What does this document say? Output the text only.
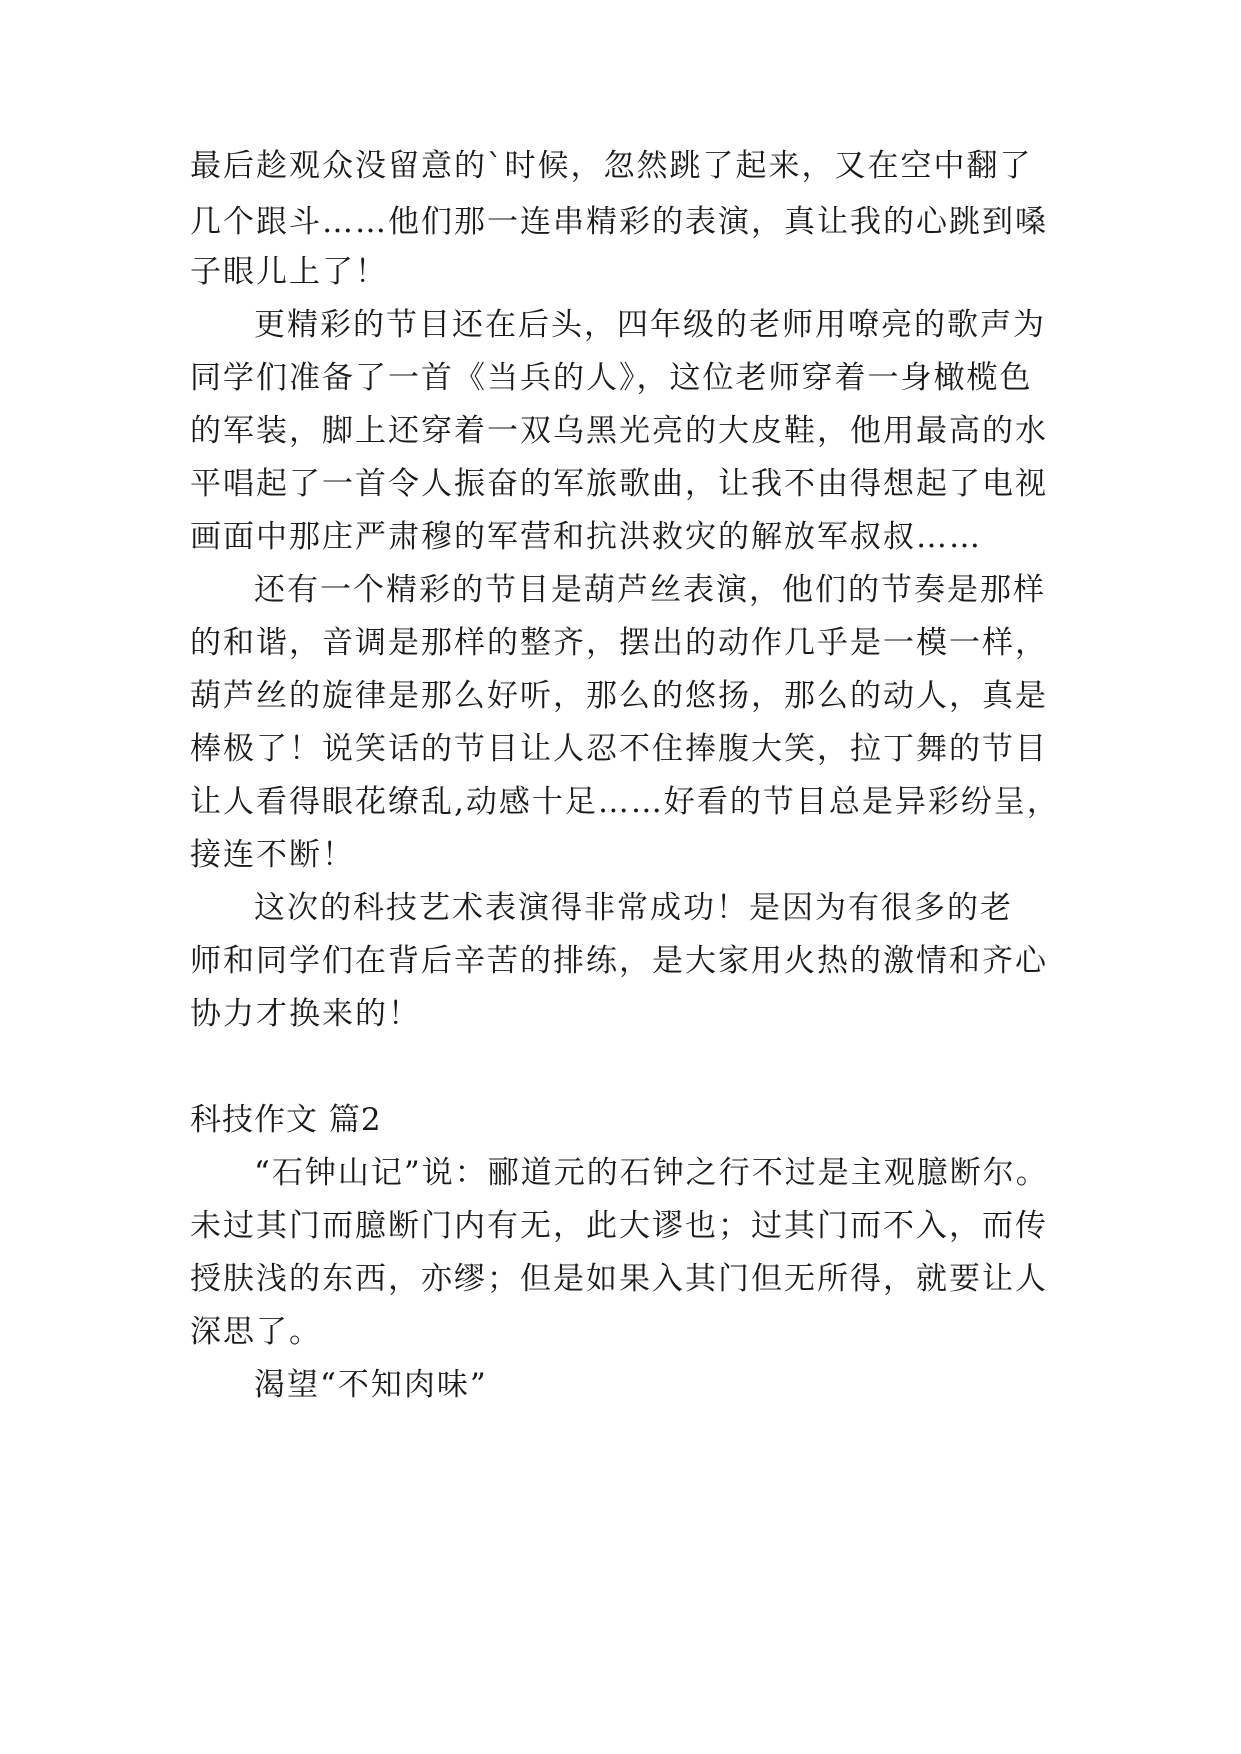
最后趁观众没留意的`时候，忽然跳了起来，又在空中翻了
几个跟斗……他们那一连串精彩的表演，真让我的心跳到嗓
子眼儿上了！
更精彩的节目还在后头，四年级的老师用嘹亮的歌声为
同学们准备了一首《当兵的人》，这位老师穿着一身橄榄色
的军装，脚上还穿着一双乌黑光亮的大皮鞋，他用最高的水
平唱起了一首令人振奋的军旅歌曲，让我不由得想起了电视
画面中那庄严肃穆的军营和抗洪救灾的解放军叔叔……
还有一个精彩的节目是葫芦丝表演，他们的节奏是那样
的和谐，音调是那样的整齐，摆出的动作几乎是一模一样，
葫芦丝的旋律是那么好听，那么的悠扬，那么的动人，真是
棒极了！说笑话的节目让人忍不住捧腹大笑，拉丁舞的节目
让人看得眼花缭乱,动感十足……好看的节目总是异彩纷呈，
接连不断！
这次的科技艺术表演得非常成功！是因为有很多的老
师和同学们在背后辛苦的排练，是大家用火热的激情和齐心
协力才换来的！
科技作文 篇2
“石钟山记”说：郦道元的石钟之行不过是主观臆断尔。
未过其门而臆断门内有无，此大谬也；过其门而不入，而传
授肤浅的东西，亦缪；但是如果入其门但无所得，就要让人
深思了。
渴望“不知肉味”
